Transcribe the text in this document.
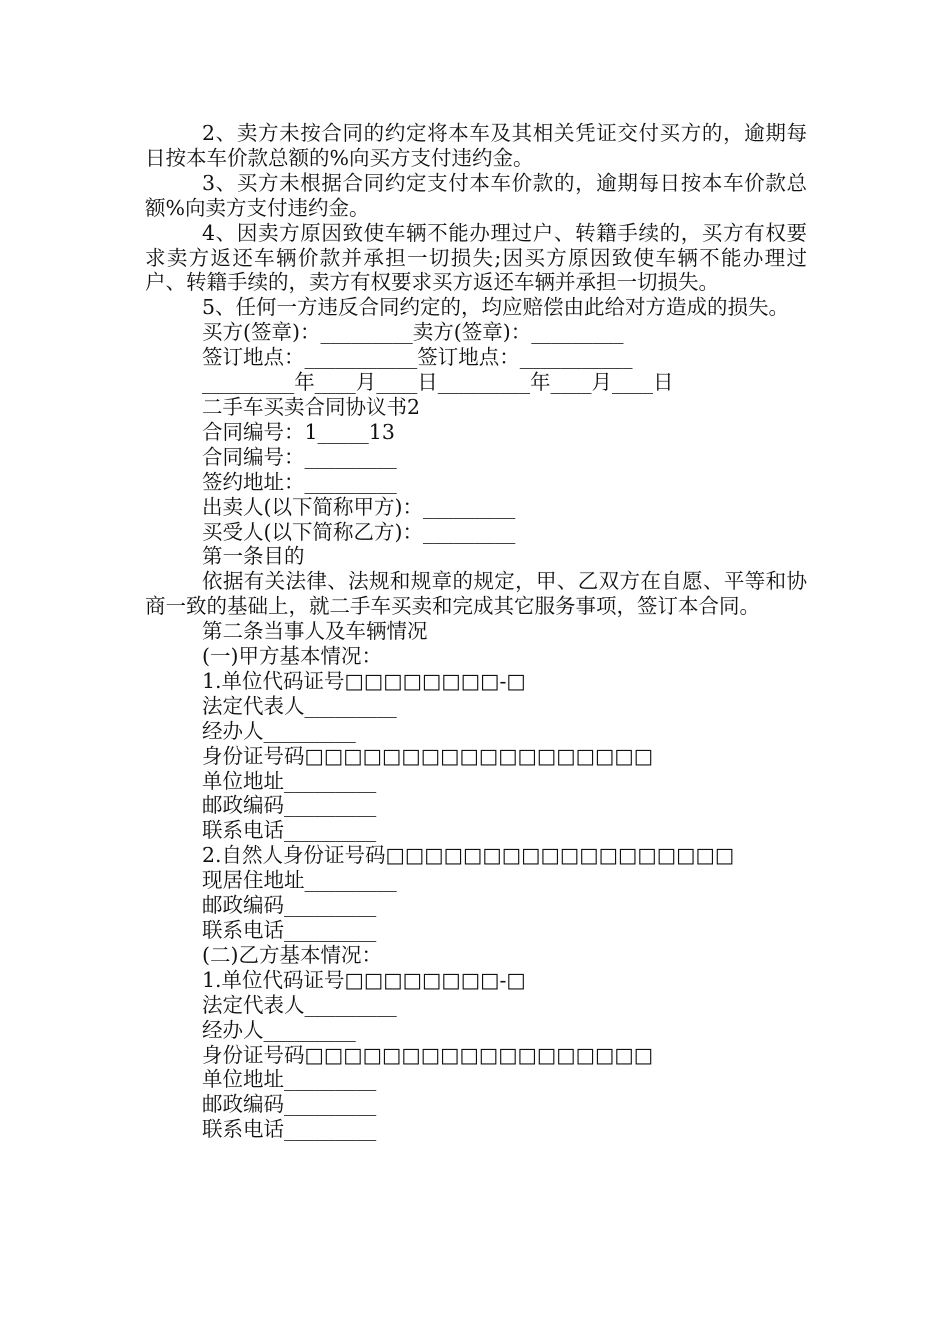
2、卖方未按合同的约定将本车及其相关凭证交付买方的，逾期每日按本车价款总额的%向买方支付违约金。

3、买方未根据合同约定支付本车价款的，逾期每日按本车价款总额%向卖方支付违约金。

4、因卖方原因致使车辆不能办理过户、转籍手续的，买方有权要求卖方返还车辆价款并承担一切损失;因买方原因致使车辆不能办理过户、转籍手续的，卖方有权要求买方返还车辆并承担一切损失。

5、任何一方违反合同约定的，均应赔偿由此给对方造成的损失。

买方(签章)：_________卖方(签章)：_________

签订地点：___________签订地点：___________

_________年____月____日_________年____月____日

二手车买卖合同协议书2

合同编号：1_____13

合同编号：_________

签约地址：_________

出卖人(以下简称甲方)：_________

买受人(以下简称乙方)：_________

第一条目的

依据有关法律、法规和规章的规定，甲、乙双方在自愿、平等和协商一致的基础上，就二手车买卖和完成其它服务事项，签订本合同。

第二条当事人及车辆情况

(一)甲方基本情况：

1.单位代码证号□□□□□□□□-□

法定代表人_________

经办人_________

身份证号码□□□□□□□□□□□□□□□□□□

单位地址_________

邮政编码_________

联系电话_________

2.自然人身份证号码□□□□□□□□□□□□□□□□□□

现居住地址_________

邮政编码_________

联系电话_________

(二)乙方基本情况：

1.单位代码证号□□□□□□□□-□

法定代表人_________

经办人_________

身份证号码□□□□□□□□□□□□□□□□□□

单位地址_________

邮政编码_________

联系电话_________
